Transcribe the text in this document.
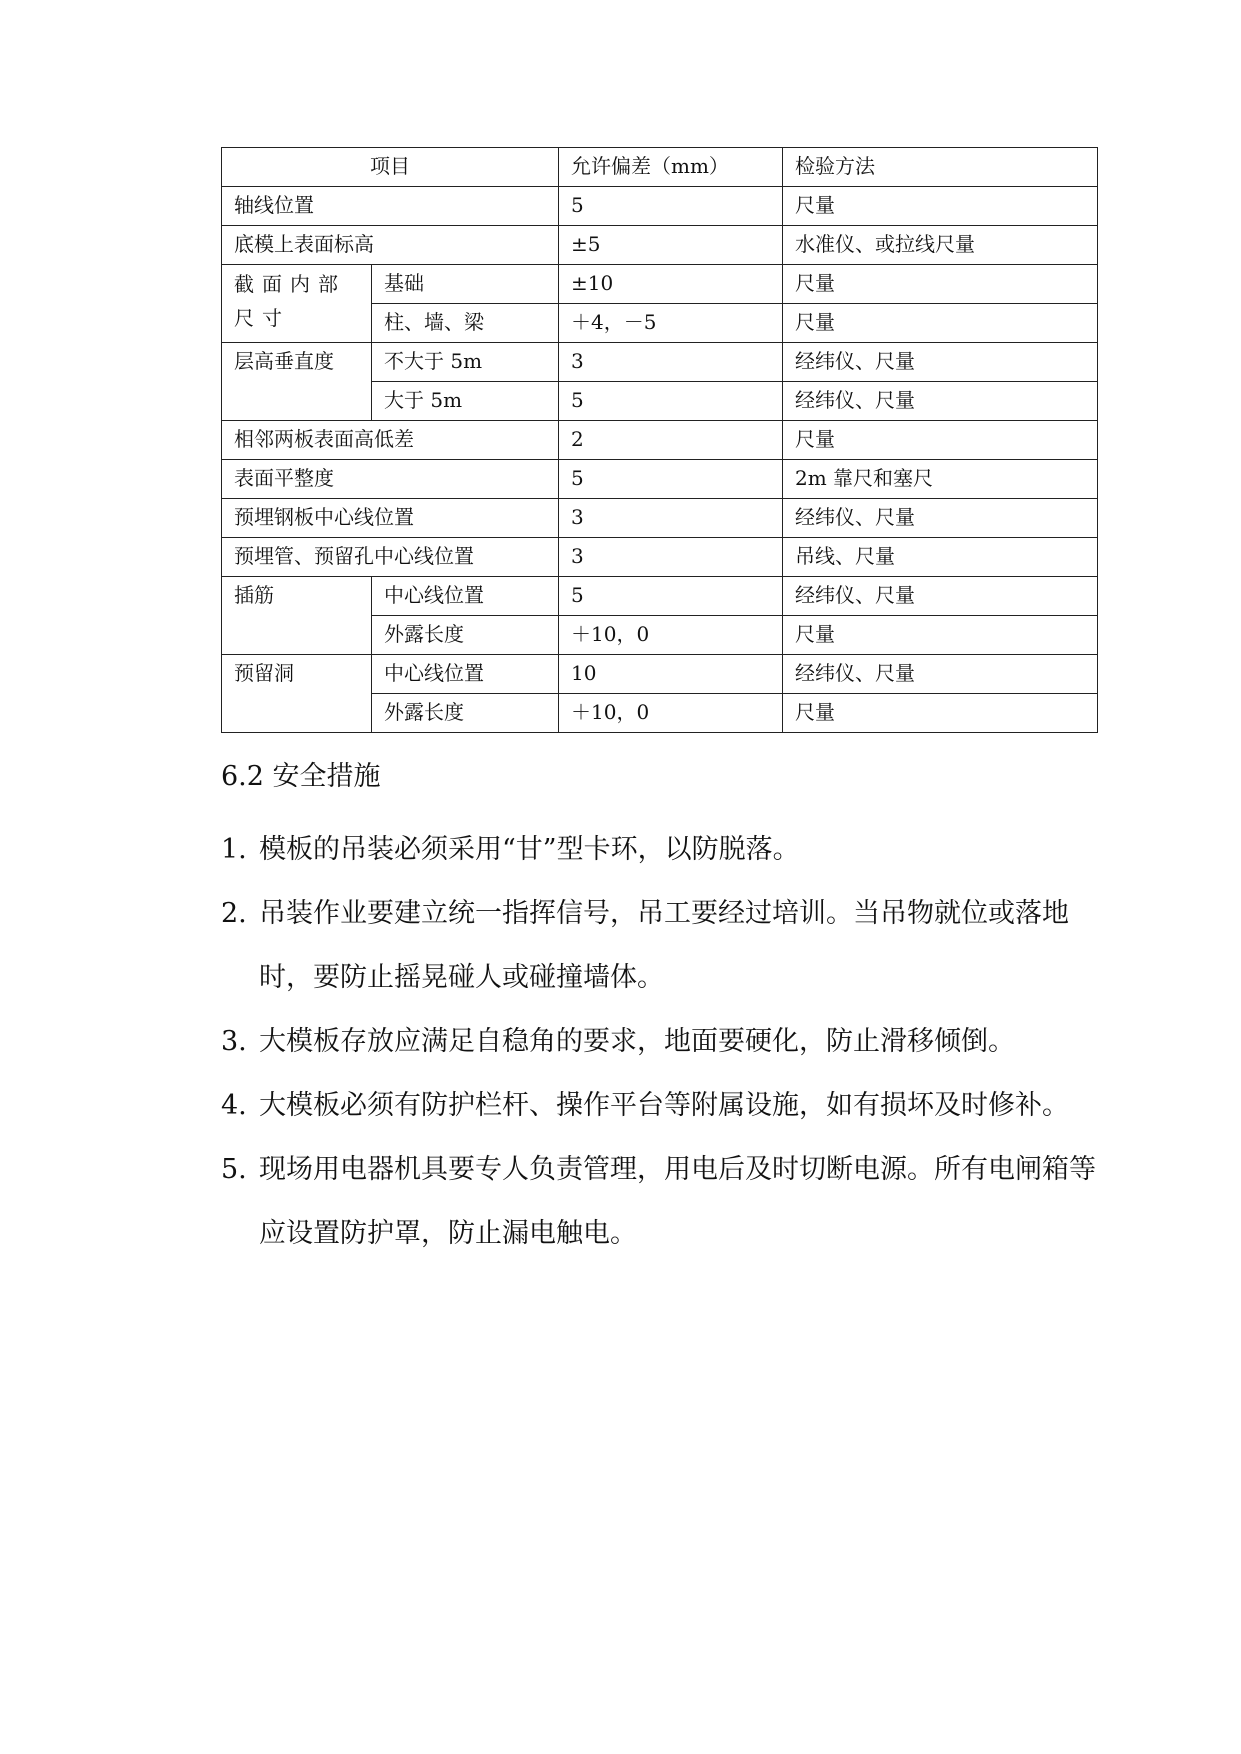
项目		允许偏差（mm）	检验方法
轴线位置		5	尺量
底模上表面标高		±5	水准仪、或拉线尺量
截面内部尺寸	基础	±10	尺量
	柱、墙、梁	＋4，－5	尺量
层高垂直度	不大于 5m	3	经纬仪、尺量
	大于 5m	5	经纬仪、尺量
相邻两板表面高低差		2	尺量
表面平整度		5	2m 靠尺和塞尺
预埋钢板中心线位置		3	经纬仪、尺量
预埋管、预留孔中心线位置		3	吊线、尺量
插筋	中心线位置	5	经纬仪、尺量
	外露长度	＋10，0	尺量
预留洞	中心线位置	10	经纬仪、尺量
	外露长度	＋10，0	尺量
6.2 安全措施

1. 模板的吊装必须采用“甘”型卡环，以防脱落。

2. 吊装作业要建立统一指挥信号，吊工要经过培训。当吊物就位或落地时，要防止摇晃碰人或碰撞墙体。

3. 大模板存放应满足自稳角的要求，地面要硬化，防止滑移倾倒。

4. 大模板必须有防护栏杆、操作平台等附属设施，如有损坏及时修补。

5. 现场用电器机具要专人负责管理，用电后及时切断电源。所有电闸箱等应设置防护罩，防止漏电触电。
